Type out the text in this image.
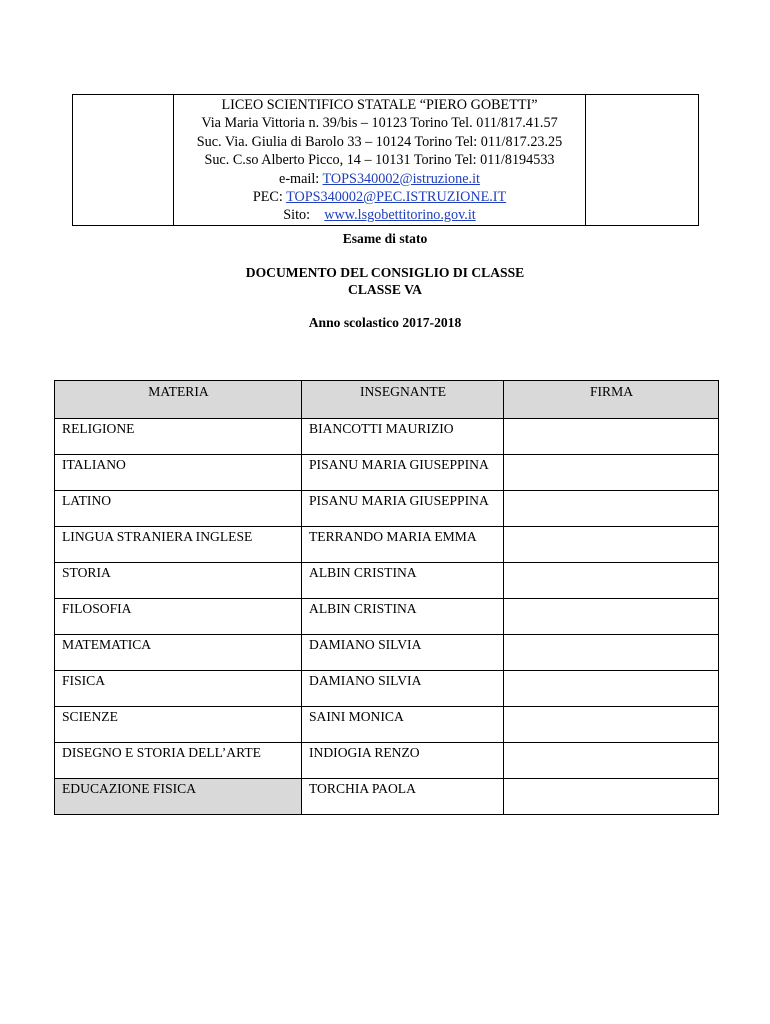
LICEO SCIENTIFICO STATALE “PIERO GOBETTI”
Via Maria Vittoria n. 39/bis – 10123 Torino Tel. 011/817.41.57
Suc. Via. Giulia di Barolo 33 – 10124 Torino Tel: 011/817.23.25
Suc. C.so Alberto Picco, 14 – 10131 Torino Tel: 011/8194533
e-mail: TOPS340002@istruzione.it
PEC: TOPS340002@PEC.ISTRUZIONE.IT
Sito:    www.lsgobettitorino.gov.it

Esame di stato
DOCUMENTO DEL CONSIGLIO DI CLASSE
CLASSE VA
Anno scolastico 2017-2018
MATERIA	INSEGNANTE	FIRMA
RELIGIONE	BIANCOTTI MAURIZIO	
ITALIANO	PISANU MARIA GIUSEPPINA	
LATINO	PISANU MARIA GIUSEPPINA	
LINGUA STRANIERA INGLESE	TERRANDO MARIA EMMA	
STORIA	ALBIN CRISTINA	
FILOSOFIA	ALBIN CRISTINA	
MATEMATICA	DAMIANO SILVIA	
FISICA	DAMIANO SILVIA	
SCIENZE	SAINI MONICA	
DISEGNO E STORIA DELL’ARTE	INDIOGIA RENZO	
EDUCAZIONE FISICA	TORCHIA PAOLA	
